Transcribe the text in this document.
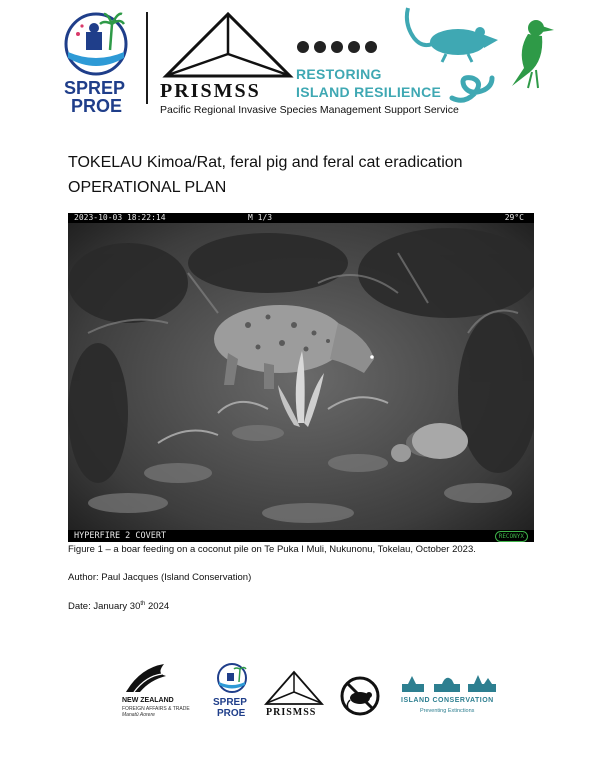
SPREP
PROE
PRISMSS
Pacific Regional Invasive Species Management Support Service
RESTORING
ISLAND RESILIENCE
TOKELAU Kimoa/Rat, feral pig and feral cat eradication
OPERATIONAL PLAN
2023-10-03 18:22:14	M 1/3	29°C
HYPERFIRE 2 COVERT	RECONYX
Figure 1 – a boar feeding on a coconut pile on Te Puka I Muli, Nukunonu, Tokelau, October 2023.
Author: Paul Jacques (Island Conservation)
Date: January 30th 2024
NEW ZEALAND
FOREIGN AFFAIRS & TRADE
Manatū Aorere
SPREP
PROE PRISMSS
ISLAND CONSERVATION
Preventing Extinctions
